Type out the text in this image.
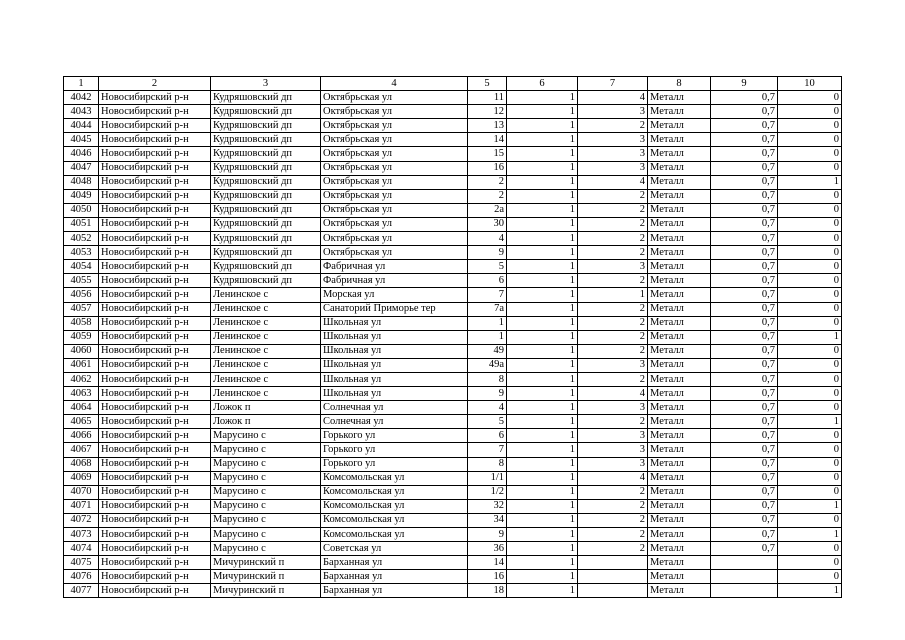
1	2	3	4	5	6	7	8	9	10
4042	Новосибирский р-н	Кудряшовский дп	Октябрьская ул	11	1	4	Металл	0,7	0
4043	Новосибирский р-н	Кудряшовский дп	Октябрьская ул	12	1	3	Металл	0,7	0
4044	Новосибирский р-н	Кудряшовский дп	Октябрьская ул	13	1	2	Металл	0,7	0
4045	Новосибирский р-н	Кудряшовский дп	Октябрьская ул	14	1	3	Металл	0,7	0
4046	Новосибирский р-н	Кудряшовский дп	Октябрьская ул	15	1	3	Металл	0,7	0
4047	Новосибирский р-н	Кудряшовский дп	Октябрьская ул	16	1	3	Металл	0,7	0
4048	Новосибирский р-н	Кудряшовский дп	Октябрьская ул	2	1	4	Металл	0,7	1
4049	Новосибирский р-н	Кудряшовский дп	Октябрьская ул	2	1	2	Металл	0,7	0
4050	Новосибирский р-н	Кудряшовский дп	Октябрьская ул	2а	1	2	Металл	0,7	0
4051	Новосибирский р-н	Кудряшовский дп	Октябрьская ул	30	1	2	Металл	0,7	0
4052	Новосибирский р-н	Кудряшовский дп	Октябрьская ул	4	1	2	Металл	0,7	0
4053	Новосибирский р-н	Кудряшовский дп	Октябрьская ул	9	1	2	Металл	0,7	0
4054	Новосибирский р-н	Кудряшовский дп	Фабричная ул	5	1	3	Металл	0,7	0
4055	Новосибирский р-н	Кудряшовский дп	Фабричная ул	6	1	2	Металл	0,7	0
4056	Новосибирский р-н	Ленинское с	Морская ул	7	1	1	Металл	0,7	0
4057	Новосибирский р-н	Ленинское с	Санаторий Приморье тер	7а	1	2	Металл	0,7	0
4058	Новосибирский р-н	Ленинское с	Школьная ул	1	1	2	Металл	0,7	0
4059	Новосибирский р-н	Ленинское с	Школьная ул	1	1	2	Металл	0,7	1
4060	Новосибирский р-н	Ленинское с	Школьная ул	49	1	2	Металл	0,7	0
4061	Новосибирский р-н	Ленинское с	Школьная ул	49а	1	3	Металл	0,7	0
4062	Новосибирский р-н	Ленинское с	Школьная ул	8	1	2	Металл	0,7	0
4063	Новосибирский р-н	Ленинское с	Школьная ул	9	1	4	Металл	0,7	0
4064	Новосибирский р-н	Ложок п	Солнечная ул	4	1	3	Металл	0,7	0
4065	Новосибирский р-н	Ложок п	Солнечная ул	5	1	2	Металл	0,7	1
4066	Новосибирский р-н	Марусино с	Горького ул	6	1	3	Металл	0,7	0
4067	Новосибирский р-н	Марусино с	Горького ул	7	1	3	Металл	0,7	0
4068	Новосибирский р-н	Марусино с	Горького ул	8	1	3	Металл	0,7	0
4069	Новосибирский р-н	Марусино с	Комсомольская ул	1/1	1	4	Металл	0,7	0
4070	Новосибирский р-н	Марусино с	Комсомольская ул	1/2	1	2	Металл	0,7	0
4071	Новосибирский р-н	Марусино с	Комсомольская ул	32	1	2	Металл	0,7	1
4072	Новосибирский р-н	Марусино с	Комсомольская ул	34	1	2	Металл	0,7	0
4073	Новосибирский р-н	Марусино с	Комсомольская ул	9	1	2	Металл	0,7	1
4074	Новосибирский р-н	Марусино с	Советская ул	36	1	2	Металл	0,7	0
4075	Новосибирский р-н	Мичуринский п	Барханная ул	14	1		Металл		0
4076	Новосибирский р-н	Мичуринский п	Барханная ул	16	1		Металл		0
4077	Новосибирский р-н	Мичуринский п	Барханная ул	18	1		Металл		1
